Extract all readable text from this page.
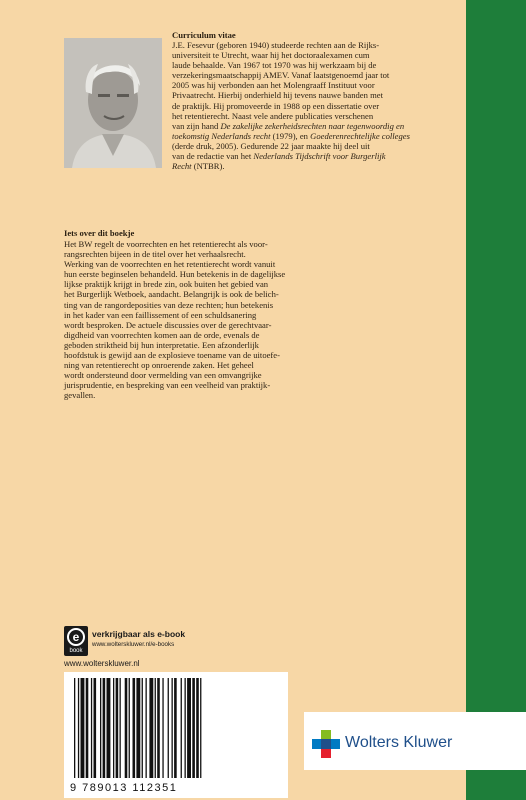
Curriculum vitae

J.E. Fesevur (geboren 1940) studeerde rechten aan de Rijks-
universiteit te Utrecht, waar hij het doctoraalexamen cum
laude behaalde. Van 1967 tot 1970 was hij werkzaam bij de
verzekeringsmaatschappij AMEV. Vanaf laatstgenoemd jaar tot
2005 was hij verbonden aan het Molengraaff Instituut voor
Privaatrecht. Hierbij onderhield hij tevens nauwe banden met
de praktijk. Hij promoveerde in 1988 op een dissertatie over
het retentierecht. Naast vele andere publicaties verschenen
van zijn hand De zakelijke zekerheidsrechten naar tegenwoordig en
toekomstig Nederlands recht (1979), en Goederenrechtelijke colleges
(derde druk, 2005). Gedurende 22 jaar maakte hij deel uit
van de redactie van het Nederlands Tijdschrift voor Burgerlijk
Recht (NTBR).

Iets over dit boekje

Het BW regelt de voorrechten en het retentierecht als voor-
rangsrechten bijeen in de titel over het verhaalsrecht.
Werking van de voorrechten en het retentierecht wordt vanuit
hun eerste beginselen behandeld. Hun betekenis in de dagelijkse
lijkse praktijk krijgt in brede zin, ook buiten het gebied van
het Burgerlijk Wetboek, aandacht. Belangrijk is ook de belich-
ting van de rangordeposities van deze rechten; hun betekenis
in het kader van een faillissement of een schuldsanering
wordt besproken. De actuele discussies over de gerechtvaar-
digdheid van voorrechten komen aan de orde, evenals de
geboden striktheid bij hun interpretatie. Een afzonderlijk
hoofdstuk is gewijd aan de explosieve toename van de uitoefe-
ning van retentierecht op onroerende zaken. Het geheel
wordt ondersteund door vermelding van een omvangrijke
jurisprudentie, en bespreking van een veelheid van praktijk-
gevallen.

e
book
verkrijgbaar als e-book
www.wolterskluwer.nl/e-books
www.wolterskluwer.nl
9 789013 112351
Wolters Kluwer
